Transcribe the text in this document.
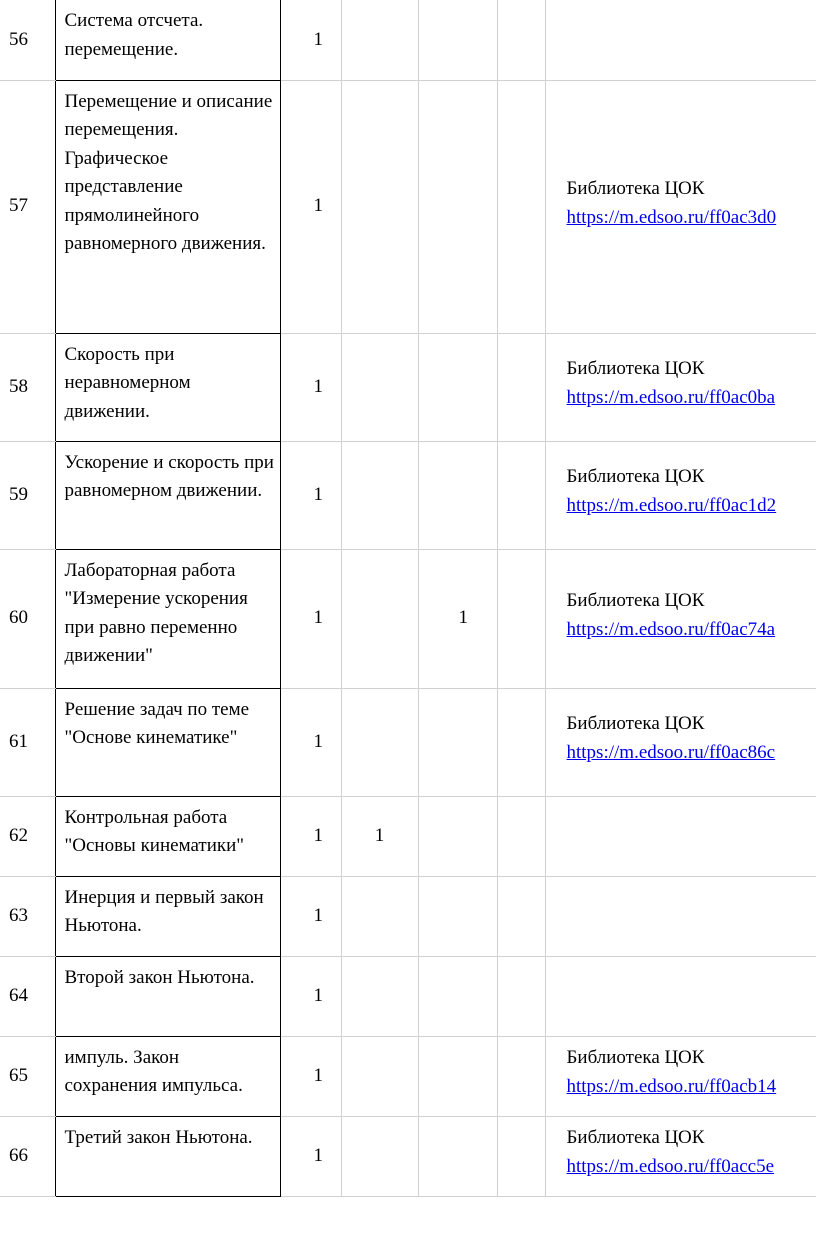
56	Система отсчета. перемещение.	1				
57	Перемещение и описание перемещения. Графическое представление прямолинейного равномерного движения.	1				Библиотека ЦОК
https://m.edsoo.ru/ff0ac3d0

58	Скорость при неравномерном движении.	1				Библиотека ЦОК
https://m.edsoo.ru/ff0ac0ba

59	Ускорение и скорость при равномерном движении.	1				Библиотека ЦОК
https://m.edsoo.ru/ff0ac1d2

60	Лабораторная работа "Измерение ускорения при равно переменно движении"	1		1		Библиотека ЦОК
https://m.edsoo.ru/ff0ac74a

61	Решение задач по теме "Основе кинематике"	1				Библиотека ЦОК
https://m.edsoo.ru/ff0ac86c

62	Контрольная работа "Основы кинематики"	1	1			
63	Инерция и первый закон Ньютона.	1				
64	Второй закон Ньютона.	1				
65	импуль. Закон сохранения импульса.	1				Библиотека ЦОК
https://m.edsoo.ru/ff0acb14

66	Третий закон Ньютона.	1				Библиотека ЦОК
https://m.edsoo.ru/ff0acc5e
